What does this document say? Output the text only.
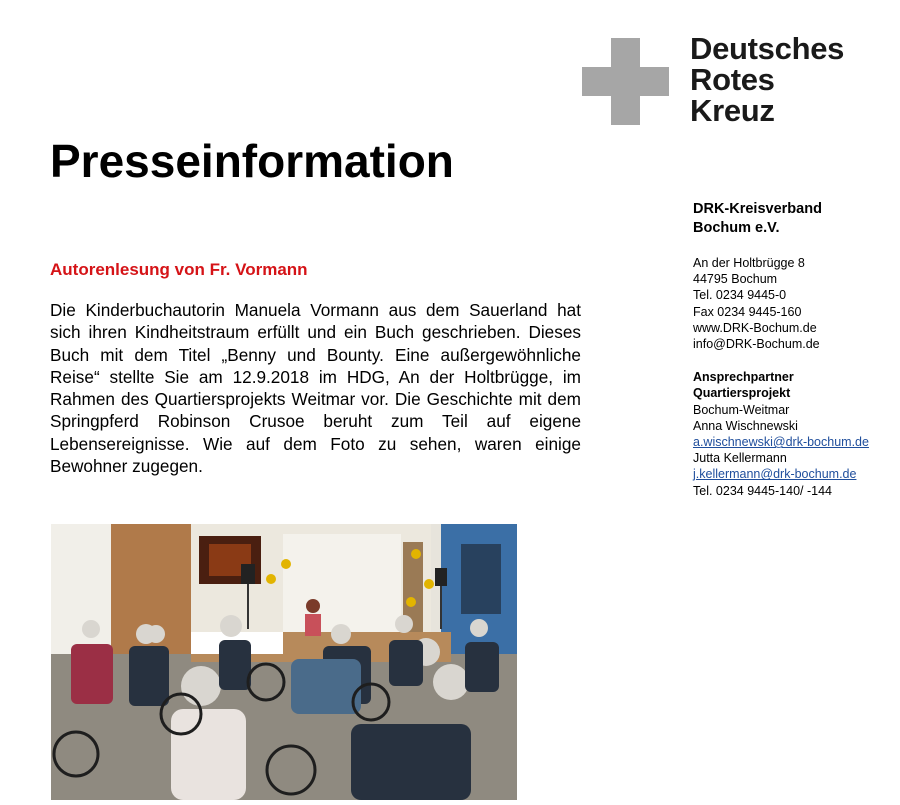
Deutsches
Rotes
Kreuz
Presseinformation
Autorenlesung von Fr. Vormann

Die Kinderbuchautorin Manuela Vormann aus dem Sauerland hat sich ihren Kindheitstraum erfüllt und ein Buch geschrieben. Dieses Buch mit dem Titel „Benny und Bounty. Eine außergewöhnliche Reise“ stellte Sie am 12.9.2018 im HDG, An der Holtbrügge, im Rahmen des Quartiersprojekts Weitmar vor. Die Geschichte mit dem Springpferd Robinson Crusoe beruht zum Teil auf eigene Lebensereignisse. Wie auf dem Foto zu sehen, waren einige Bewohner zugegen.

DRK-Kreisverband
Bochum e.V.
An der Holtbrügge 8
44795 Bochum
Tel. 0234 9445-0
Fax 0234 9445-160
www.DRK-Bochum.de
info@DRK-Bochum.de
Ansprechpartner
Quartiersprojekt
Bochum-Weitmar
Anna Wischnewski
a.wischnewski@drk-bochum.de
Jutta Kellermann
j.kellermann@drk-bochum.de
Tel. 0234 9445-140/ -144
